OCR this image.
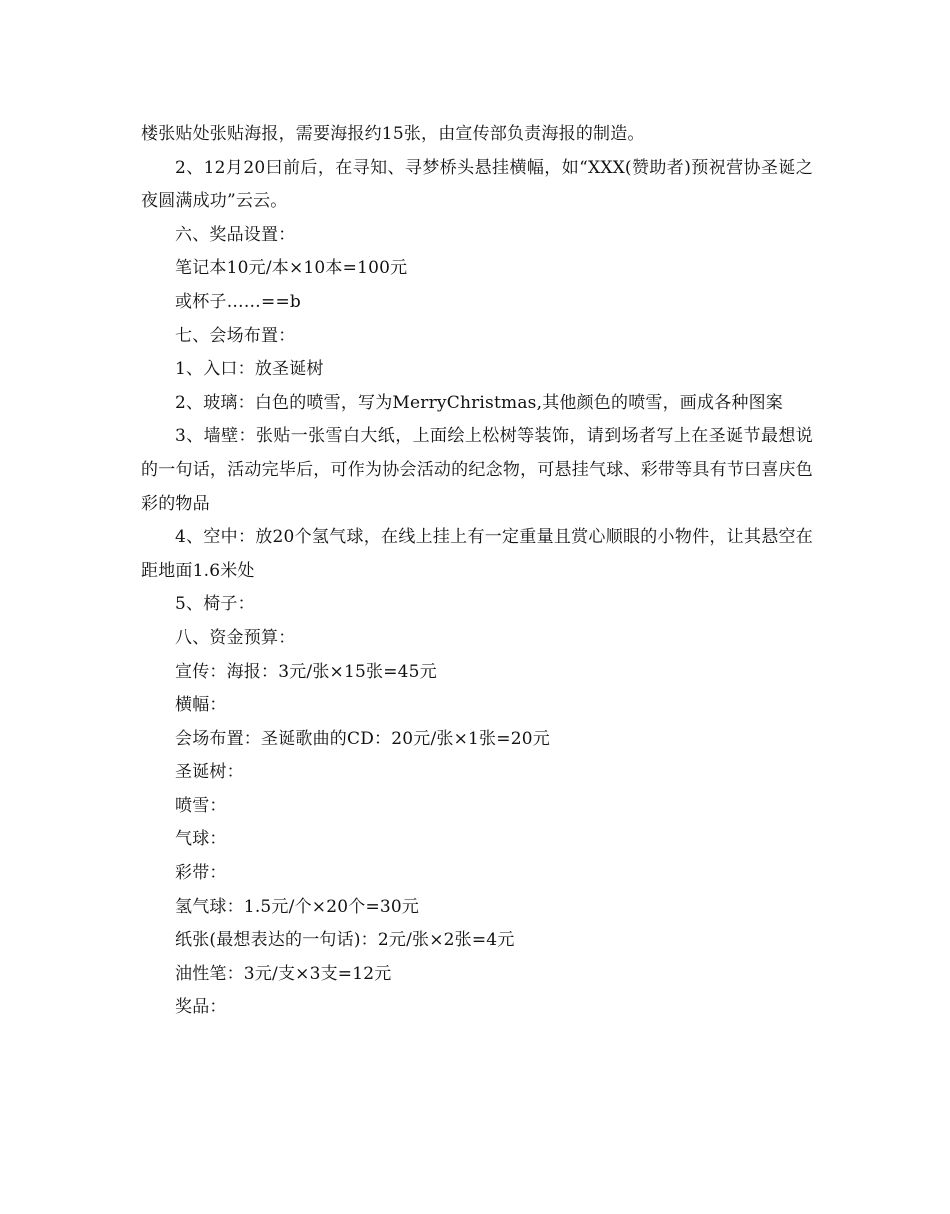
楼张贴处张贴海报，需要海报约15张，由宣传部负责海报的制造。

2、12月20曰前后，在寻知、寻梦桥头悬挂横幅，如“XXX(赞助者)预祝营协圣诞之夜圆满成功”云云。

六、奖品设置：

笔记本10元/本×10本=100元

或杯子……==b

七、会场布置：

1、入口：放圣诞树

2、玻璃：白色的喷雪，写为MerryChristmas,其他颜色的喷雪，画成各种图案

3、墙壁：张贴一张雪白大纸，上面绘上松树等装饰，请到场者写上在圣诞节最想说的一句话，活动完毕后，可作为协会活动的纪念物，可悬挂气球、彩带等具有节曰喜庆色彩的物品

4、空中：放20个氢气球，在线上挂上有一定重量且赏心顺眼的小物件，让其悬空在距地面1.6米处

5、椅子：

八、资金预算：

宣传：海报：3元/张×15张=45元

横幅：

会场布置：圣诞歌曲的CD：20元/张×1张=20元

圣诞树：

喷雪：

气球：

彩带：

氢气球：1.5元/个×20个=30元

纸张(最想表达的一句话)：2元/张×2张=4元

油性笔：3元/支×3支=12元

奖品：
